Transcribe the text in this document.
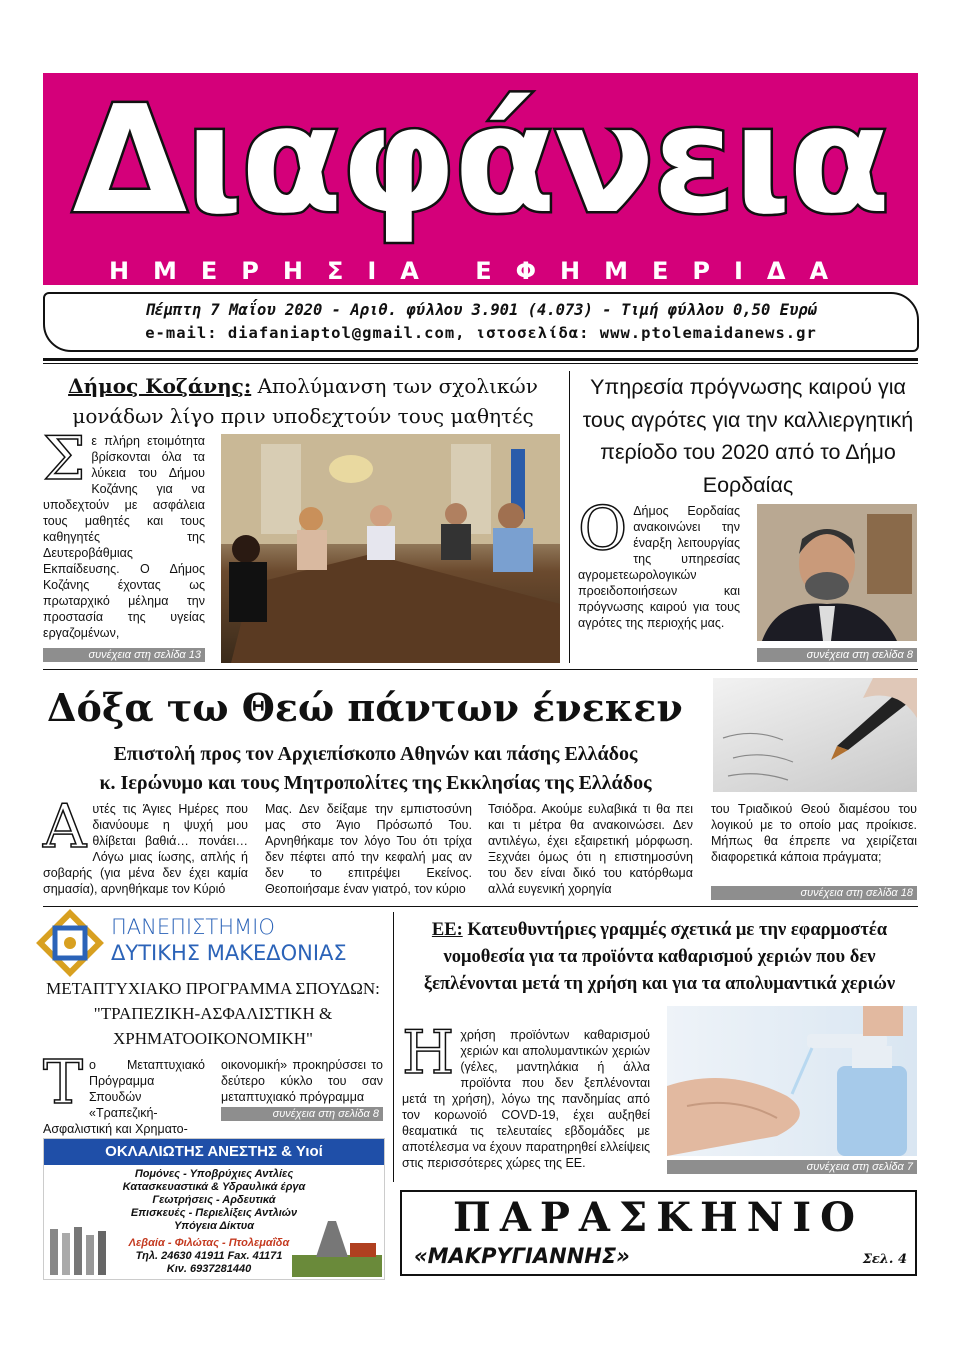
Διαφάνεια
ΗΜΕΡΗΣΙΑ ΕΦΗΜΕΡΙΔΑ
Πέμπτη 7 Μαΐου 2020 - Αριθ. φύλλου 3.901 (4.073) - Τιμή φύλλου 0,50 Ευρώ
e-mail: diafaniaptol@gmail.com, ιστοσελίδα: www.ptolemaidanews.gr
Δήμος Κοζάνης: Απολύμανση των σχολικών μονάδων λίγο πριν υποδεχτούν τους μαθητές
Σε πλήρη ετοιμότητα βρίσκονται όλα τα λύκεια του Δήμου Κοζάνης για να υποδεχτούν με ασφάλεια τους μαθητές και τους καθηγητές της Δευτεροβάθμιας Εκπαίδευσης. Ο Δήμος Κοζάνης έχοντας ως πρωταρχικό μέλημα την προστασία της υγείας εργαζομένων,
συνέχεια στη σελίδα 13
Υπηρεσία πρόγνωσης καιρού για τους αγρότες για την καλλιεργητική περίοδο του 2020 από το Δήμο Εορδαίας
Ο Δήμος Εορδαίας ανακοινώνει την έναρξη λειτουργίας της υπηρεσίας αγρομετεωρολογικών προειδοποιήσεων και πρόγνωσης καιρού για τους αγρότες της περιοχής μας.
συνέχεια στη σελίδα 8
Δόξα τω Θεώ πάντων ένεκεν
Επιστολή προς τον Αρχιεπίσκοπο Αθηνών και πάσης Ελλάδος
κ. Ιερώνυμο και τους Μητροπολίτες της Εκκλησίας της Ελλάδος
Αυτές τις Άγιες Ημέρες που διανύουμε η ψυχή μου θλίβεται βαθιά… πονάει… Λόγω μιας ίωσης, απλής ή σοβαρής (για μένα δεν έχει καμία σημασία), αρνηθήκαμε τον Κύριό
Μας. Δεν δείξαμε την εμπιστοσύνη μας στο Άγιο Πρόσωπό Του. Αρνηθήκαμε τον λόγο Του ότι τρίχα δεν πέφτει από την κεφαλή μας αν δεν το επιτρέψει Εκείνος. Θεοποιήσαμε έναν γιατρό, τον κύριο
Τσιόδρα. Ακούμε ευλαβικά τι θα πει και τι μέτρα θα ανακοινώσει. Δεν αντιλέγω, έχει εξαιρετική μόρφωση. Ξεχνάει όμως ότι η επιστημοσύνη του δεν είναι δικό του κατόρθωμα αλλά ευγενική χορηγία
του Τριαδικού Θεού διαμέσου του λογικού με το οποίο μας προίκισε. Μήπως θα έπρεπε να χειρίζεται διαφορετικά κάποια πράγματα;
συνέχεια στη σελίδα 18
ΠΑΝΕΠΙΣΤΗΜΙΟ
ΔΥΤΙΚΗΣ ΜΑΚΕΔΟΝΙΑΣ
ΜΕΤΑΠΤΥΧΙΑΚΟ ΠΡΟΓΡΑΜΜΑ ΣΠΟΥΔΩΝ: "ΤΡΑΠΕΖΙΚΗ-ΑΣΦΑΛΙΣΤΙΚΗ & ΧΡΗΜΑΤΟΟΙΚΟΝΟΜΙΚΗ"
Το Μεταπτυχιακό Πρόγραμμα Σπουδών «Τραπεζική-Ασφαλιστική και Χρηματο-
οικονομική» προκηρύσσει το δεύτερο κύκλο του σαν μεταπτυχιακό πρόγραμμα
συνέχεια στη σελίδα 8
ΟΚΛΑΛΙΩΤΗΣ ΑΝΕΣΤΗΣ & Υιοί
Πομόνες - Υποβρύχιες Αντλίες
Κατασκευαστικά & Υδραυλικά έργα
Γεωτρήσεις - Αρδευτικά
Επισκευές - Περιελίξεις Αντλιών
Υπόγεια Δίκτυα
Λεβαία - Φιλώτας - Πτολεμαΐδα
Τηλ. 24630 41911 Fax. 41171
Κιν. 6937281440
ΕΕ: Κατευθυντήριες γραμμές σχετικά με την εφαρμοστέα νομοθεσία για τα προϊόντα καθαρισμού χεριών που δεν ξεπλένονται μετά τη χρήση και για τα απολυμαντικά χεριών
Ηχρήση προϊόντων καθαρισμού χεριών και απολυμαντικών χεριών (γέλες, μαντηλάκια ή άλλα προϊόντα που δεν ξεπλένονται μετά τη χρήση), λόγω της πανδημίας από τον κορωνοϊό COVD-19, έχει αυξηθεί θεαματικά τις τελευταίες εβδομάδες με αποτέλεσμα να έχουν παρατηρηθεί ελλείψεις στις περισσότερες χώρες της ΕΕ.	συνέχεια στη σελίδα 7
ΠΑΡΑΣΚΗΝΙΟ
«ΜΑΚΡΥΓΙΑΝΝΗΣ»	Σελ. 4
